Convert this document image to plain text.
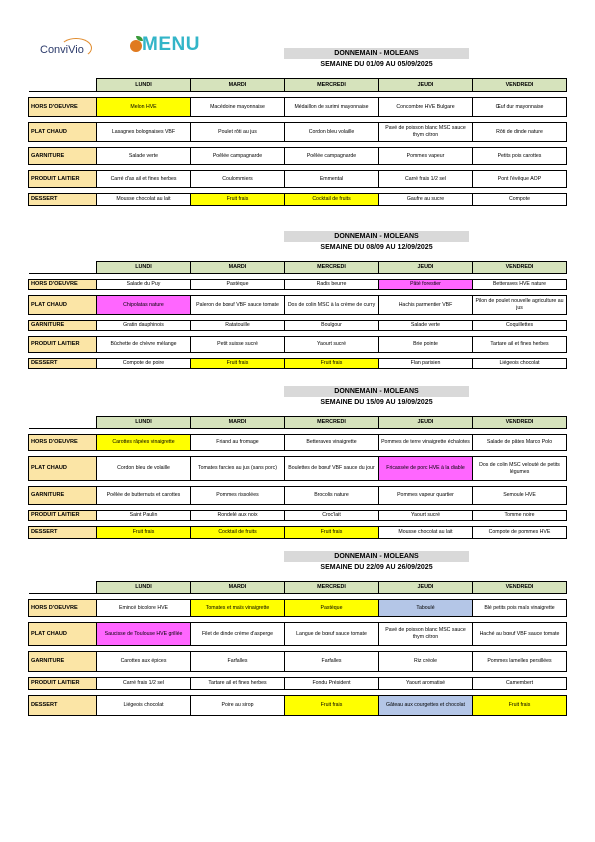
ConviVio	MENU	DONNEMAIN - MOLEANS
SEMAINE DU 01/09 AU 05/09/2025
	LUNDI	MARDI	MERCREDI	JEUDI	VENDREDI

HORS D'OEUVRE	Melon HVE	Macédoine mayonnaise	Médaillon de surimi mayonnaise	Concombre HVE Bulgare	Œuf dur mayonnaise

PLAT CHAUD	Lasagnes bolognaises VBF	Poulet rôti au jus	Cordon bleu volaille	Pavé de poisson blanc MSC sauce thym citron	Rôti de dinde nature

GARNITURE	Salade verte	Poêlée campagnarde	Poêlée campagnarde	Pommes vapeur	Petits pois carottes

PRODUIT LAITIER	Carré d'as ail et fines herbes	Coulommiers	Emmental	Carré frais 1/2 sel	Pont l'évêque AOP

DESSERT	Mousse chocolat au lait	Fruit frais	Cocktail de fruits	Gaufre au sucre	Compote
DONNEMAIN - MOLEANS
SEMAINE DU 08/09 AU 12/09/2025
	LUNDI	MARDI	MERCREDI	JEUDI	VENDREDI

HORS D'OEUVRE	Salade du Puy	Pastèque	Radis beurre	Pâté forestier	Betteraves HVE nature

PLAT CHAUD	Chipolatas nature	Paleron de bœuf VBF sauce tomate	Dos de colin MSC à la crème de curry	Hachis parmentier VBF	Pilon de poulet nouvelle agriculture au jus

GARNITURE	Gratin dauphinois	Ratatouille	Boulgour	Salade verte	Coquillettes

PRODUIT LAITIER	Bûchette de chèvre mélange	Petit suisse sucré	Yaourt sucré	Brie pointe	Tartare ail et fines herbes

DESSERT	Compote de poire	Fruit frais	Fruit frais	Flan parisien	Liégeois chocolat
DONNEMAIN - MOLEANS
SEMAINE DU 15/09 AU 19/09/2025
	LUNDI	MARDI	MERCREDI	JEUDI	VENDREDI

HORS D'OEUVRE	Carottes râpées vinaigrette	Friand au fromage	Betteraves vinaigrette	Pommes de terre vinaigrette échalotes	Salade de pâtes Marco Polo

PLAT CHAUD	Cordon bleu de volaille	Tomates farcies au jus (sans porc)	Boulettes de bœuf VBF sauce du jour	Fricassée de porc HVE à la diable	Dos de colin MSC velouté de petits légumes

GARNITURE	Poêlée de butternuts et carottes	Pommes rissolées	Brocolis nature	Pommes vapeur quartier	Semoule HVE

PRODUIT LAITIER	Saint Paulin	Rondelé aux noix	Croc'lait	Yaourt sucré	Tomme noire

DESSERT	Fruit frais	Cocktail de fruits	Fruit frais	Mousse chocolat au lait	Compote de pommes HVE
DONNEMAIN - MOLEANS
SEMAINE DU 22/09 AU 26/09/2025
	LUNDI	MARDI	MERCREDI	JEUDI	VENDREDI

HORS D'OEUVRE	Emincé bicolore HVE	Tomates et maïs vinaigrette	Pastèque	Taboulé	Blé petits pois maïs vinaigrette

PLAT CHAUD	Saucisse de Toulouse HVE grillée	Filet de dinde crème d'asperge	Langue de bœuf sauce tomate	Pavé de poisson blanc MSC sauce thym citron	Haché au bœuf VBF sauce tomate

GARNITURE	Carottes aux épices	Farfalles	Farfalles	Riz créole	Pommes lamelles persillées

PRODUIT LAITIER	Carré frais 1/2 sel	Tartare ail et fines herbes	Fondu Président	Yaourt aromatisé	Camembert

DESSERT	Liégeois chocolat	Poire au sirop	Fruit frais	Gâteau aux courgettes et chocolat	Fruit frais
